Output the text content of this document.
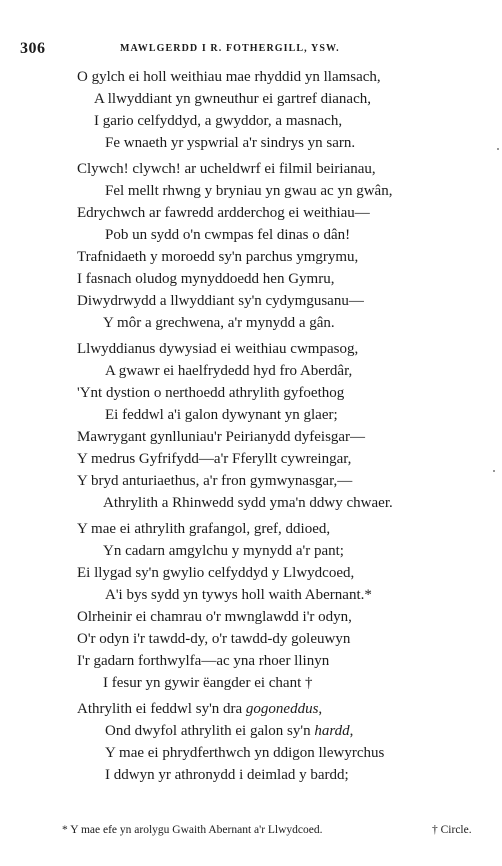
306	MAWLGERDD I R. FOTHERGILL, YSW.
O gylch ei holl weithiau mae rhyddid yn llamsach,
A llwyddiant yn gwneuthur ei gartref dianach,
I gario celfyddyd, a gwyddor, a masnach,
Fe wnaeth yr yspwrial a'r sindrys yn sarn.
Clywch! clywch! ar ucheldwrf ei filmil beirianau,
Fel mellt rhwng y bryniau yn gwau ac yn gwân,
Edrychwch ar fawredd ardderchog ei weithiau—
Pob un sydd o'n cwmpas fel dinas o dân!
Trafnidaeth y moroedd sy'n parchus ymgrymu,
I fasnach oludog mynyddoedd hen Gymru,
Diwydrwydd a llwyddiant sy'n cydymgusanu—
Y môr a grechwena, a'r mynydd a gân.
Llwyddianus dywysiad ei weithiau cwmpasog,
A gwawr ei haelfrydedd hyd fro Aberdâr,
'Ynt dystion o nerthoedd athrylith gyfoethog
Ei feddwl a'i galon dywynant yn glaer;
Mawrygant gynlluniau'r Peirianydd dyfeisgar—
Y medrus Gyfrifydd—a'r Fferyllt cywreingar,
Y bryd anturiaethus, a'r fron gymwynasgar,—
Athrylith a Rhinwedd sydd yma'n ddwy chwaer.
Y mae ei athrylith grafangol, gref, ddioed,
Yn cadarn amgylchu y mynydd a'r pant;
Ei llygad sy'n gwylio celfyddyd y Llwydcoed,
A'i bys sydd yn tywys holl waith Abernant.*
Olrheinir ei chamrau o'r mwnglawdd i'r odyn,
O'r odyn i'r tawdd-dy, o'r tawdd-dy goleuwyn
I'r gadarn forthwylfa—ac yna rhoer llinyn
I fesur yn gywir ëangder ei chant †
Athrylith ei feddwl sy'n dra gogoneddus,
Ond dwyfol athrylith ei galon sy'n hardd,
Y mae ei phrydferthwch yn ddigon llewyrchus
I ddwyn yr athronydd i deimlad y bardd;
* Y mae efe yn arolygu Gwaith Abernant a'r Llwydcoed.	† Circle.
